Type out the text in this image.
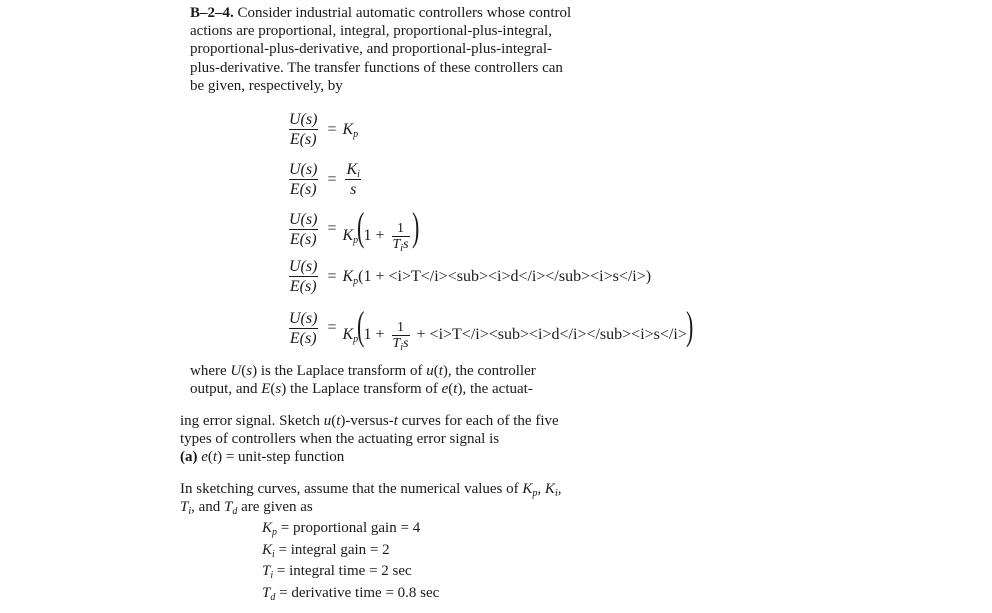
B–2–4. Consider industrial automatic controllers whose control actions are proportional, integral, proportional-plus-integral, proportional-plus-derivative, and proportional-plus-integral-plus-derivative. The transfer functions of these controllers can be given, respectively, by

$\frac{U(s)}{E(s)} = K_p$
$\frac{U(s)}{E(s)} = \frac{K_i}{s}$
$\frac{U(s)}{E(s)} = K_p(1 + \frac{1}{T_is}$ )
$\frac{U(s)}{E(s)} = K_p(1 + <i>T</i><sub><i>d</i></sub><i>s</i>)$
$\frac{U(s)}{E(s)} = K_p(1 + \frac{1}{T_is} + <i>T</i><sub><i>d</i></sub><i>s</i>)$

where U(s) is the Laplace transform of u(t), the controller output, and E(s) the Laplace transform of e(t), the actuat-

ing error signal. Sketch u(t)-versus-t curves for each of the five types of controllers when the actuating error signal is
(a) e(t) = unit-step function

In sketching curves, assume that the numerical values of $K_p$, $K_i$, $T_i$, and $T_d$ are given as

$K_p$ = proportional gain = 4
$K_i$ = integral gain = 2
$T_i$ = integral time = 2 sec
$T_d$ = derivative time = 0.8 sec
